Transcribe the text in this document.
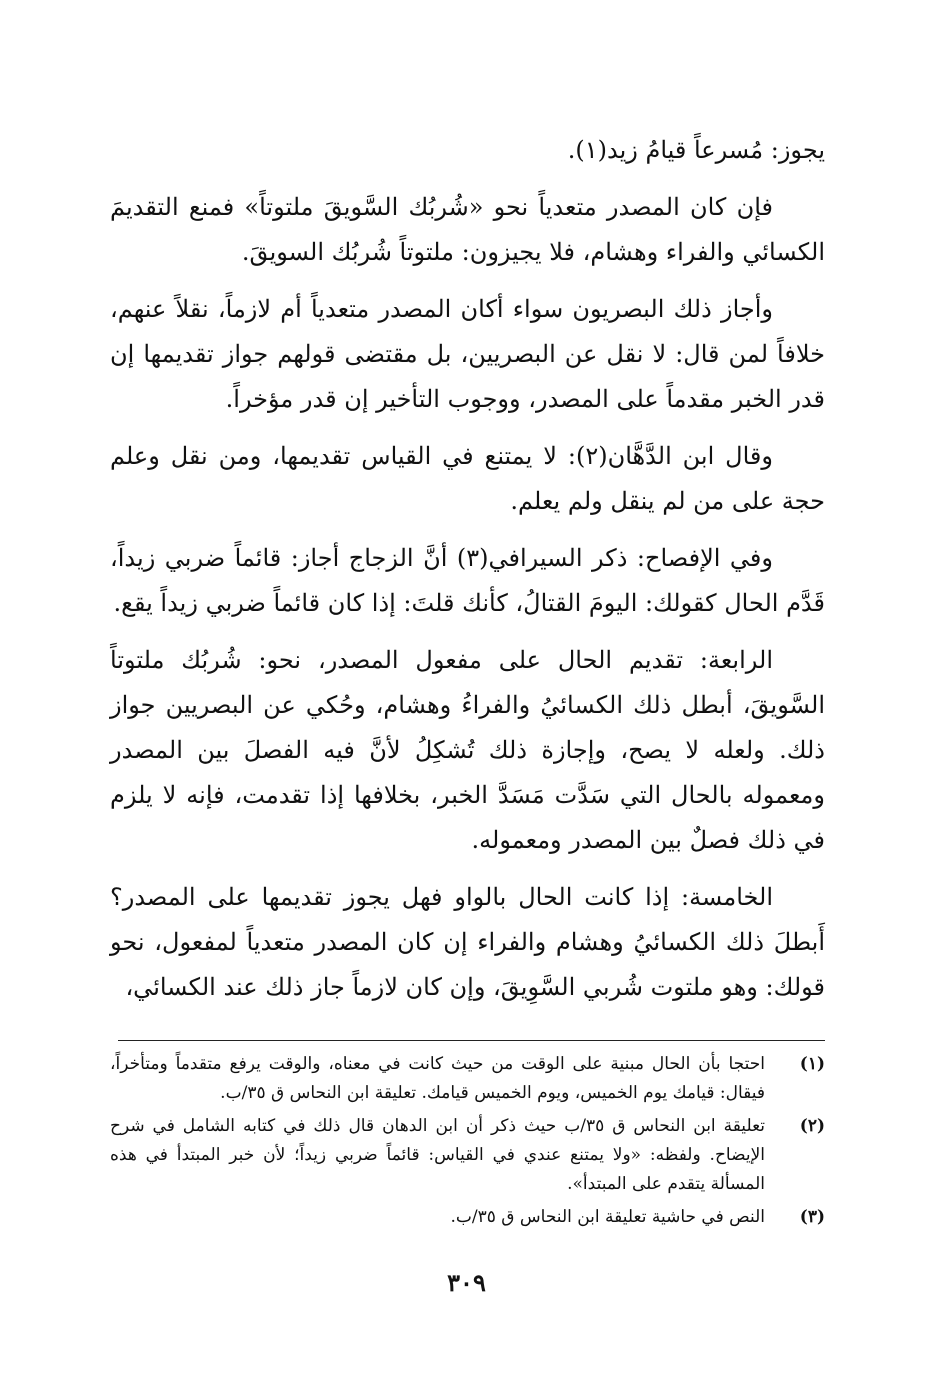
يجوز: مُسرعاً قيامُ زيد(١).

فإن كان المصدر متعدياً نحو «شُربُك السَّويقَ ملتوتاً» فمنع التقديمَ الكسائي والفراء وهشام، فلا يجيزون: ملتوتاً شُربُك السويقَ.

وأجاز ذلك البصريون سواء أكان المصدر متعدياً أم لازماً، نقلاً عنهم، خلافاً لمن قال: لا نقل عن البصريين، بل مقتضى قولهم جواز تقديمها إن قدر الخبر مقدماً على المصدر، ووجوب التأخير إن قدر مؤخراً.

وقال ابن الدَّهَّان(٢): لا يمتنع في القياس تقديمها، ومن نقل وعلم حجة على من لم ينقل ولم يعلم.

وفي الإفصاح: ذكر السيرافي(٣) أنَّ الزجاج أجاز: قائماً ضربي زيداً، قَدَّم الحال كقولك: اليومَ القتالُ، كأنك قلتَ: إذا كان قائماً ضربي زيداً يقع.

الرابعة: تقديم الحال على مفعول المصدر، نحو: شُربُك ملتوتاً السَّويقَ، أبطل ذلك الكسائيُ والفراءُ وهشام، وحُكي عن البصريين جواز ذلك. ولعله لا يصح، وإجازة ذلك تُشكِلُ لأنَّ فيه الفصلَ بين المصدر ومعموله بالحال التي سَدَّت مَسَدَّ الخبر، بخلافها إذا تقدمت، فإنه لا يلزم في ذلك فصلٌ بين المصدر ومعموله.

الخامسة: إذا كانت الحال بالواو فهل يجوز تقديمها على المصدر؟ أَبطلَ ذلك الكسائيُ وهشام والفراء إن كان المصدر متعدياً لمفعول، نحو قولك: وهو ملتوت شُربي السَّوِيقَ، وإن كان لازماً جاز ذلك عند الكسائي،

(١)
احتجا بأن الحال مبنية على الوقت من حيث كانت في معناه، والوقت يرفع متقدماً ومتأخراً، فيقال: قيامك يوم الخميس، ويوم الخميس قيامك. تعليقة ابن النحاس ق ٣٥/ب.
(٢)
تعليقة ابن النحاس ق ٣٥/ب حيث ذكر أن ابن الدهان قال ذلك في كتابه الشامل في شرح الإيضاح. ولفظه: «ولا يمتنع عندي في القياس: قائماً ضربي زيداً؛ لأن خبر المبتدأ في هذه المسألة يتقدم على المبتدأ».
(٣)
النص في حاشية تعليقة ابن النحاس ق ٣٥/ب.
٣٠٩
